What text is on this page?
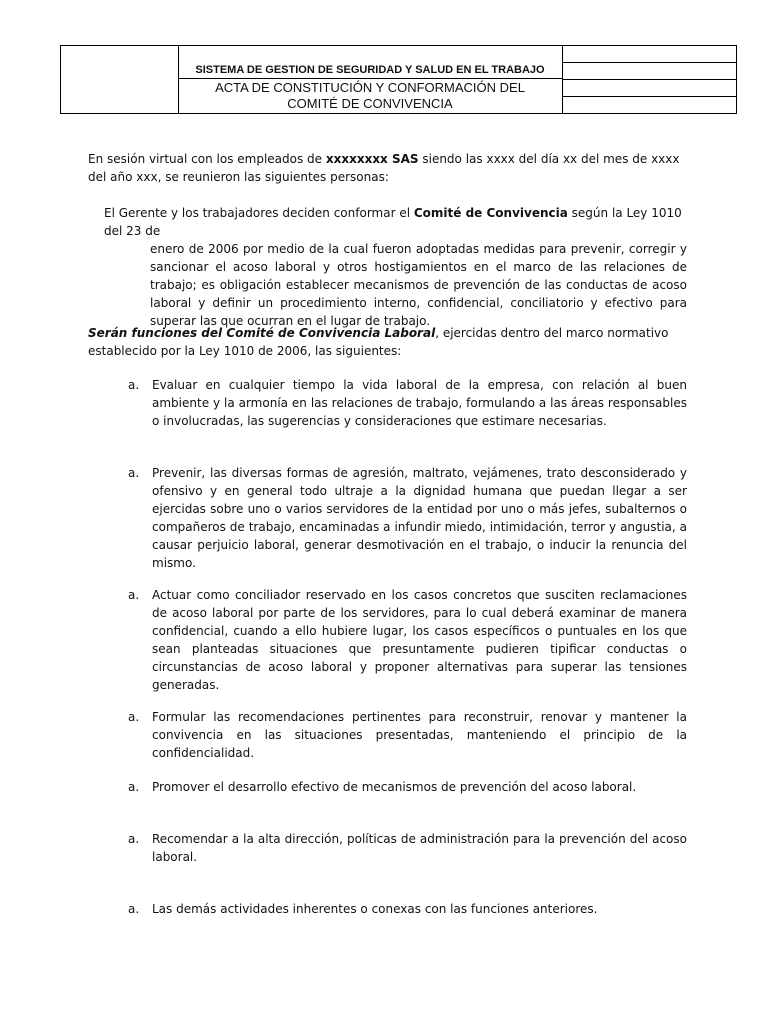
SISTEMA DE GESTION DE SEGURIDAD Y SALUD EN EL TRABAJO
ACTA DE CONSTITUCIÓN Y CONFORMACIÓN DEL
COMITÉ DE CONVIVENCIA
En sesión virtual con los empleados de xxxxxxxx SAS siendo las xxxx del día xx del mes de xxxx del año xxx, se reunieron las siguientes personas:
El Gerente y los trabajadores deciden conformar el Comité de Convivencia según la Ley 1010 del 23 de
enero de 2006 por medio de la cual fueron adoptadas medidas para prevenir, corregir y sancionar el acoso laboral y otros hostigamientos en el marco de las relaciones de trabajo; es obligación establecer mecanismos de prevención de las conductas de acoso laboral y definir un procedimiento interno, confidencial, conciliatorio y efectivo para superar las que ocurran en el lugar de trabajo.
Serán funciones del Comité de Convivencia Laboral, ejercidas dentro del marco normativo establecido por la Ley 1010 de 2006, las siguientes:
a.	Evaluar en cualquier tiempo la vida laboral de la empresa, con relación al buen ambiente y la armonía en las relaciones de trabajo, formulando a las áreas responsables o involucradas, las sugerencias y consideraciones que estimare necesarias.
a.	Prevenir, las diversas formas de agresión, maltrato, vejámenes, trato desconsiderado y ofensivo y en general todo ultraje a la dignidad humana que puedan llegar a ser ejercidas sobre uno o varios servidores de la entidad por uno o más jefes, subalternos o compañeros de trabajo, encaminadas a infundir miedo, intimidación, terror y angustia, a causar perjuicio laboral, generar desmotivación en el trabajo, o inducir la renuncia del mismo.
a.	Actuar como conciliador reservado en los casos concretos que susciten reclamaciones de acoso laboral por parte de los servidores, para lo cual deberá examinar de manera confidencial, cuando a ello hubiere lugar, los casos específicos o puntuales en los que sean planteadas situaciones que presuntamente pudieren tipificar conductas o circunstancias de acoso laboral y proponer alternativas para superar las tensiones generadas.
a.	Formular las recomendaciones pertinentes para reconstruir, renovar y mantener la convivencia en las situaciones presentadas, manteniendo el principio de la confidencialidad.
a.	Promover el desarrollo efectivo de mecanismos de prevención del acoso laboral.
a.	Recomendar a la alta dirección, políticas de administración para la prevención del acoso laboral.
a.	Las demás actividades inherentes o conexas con las funciones anteriores.
